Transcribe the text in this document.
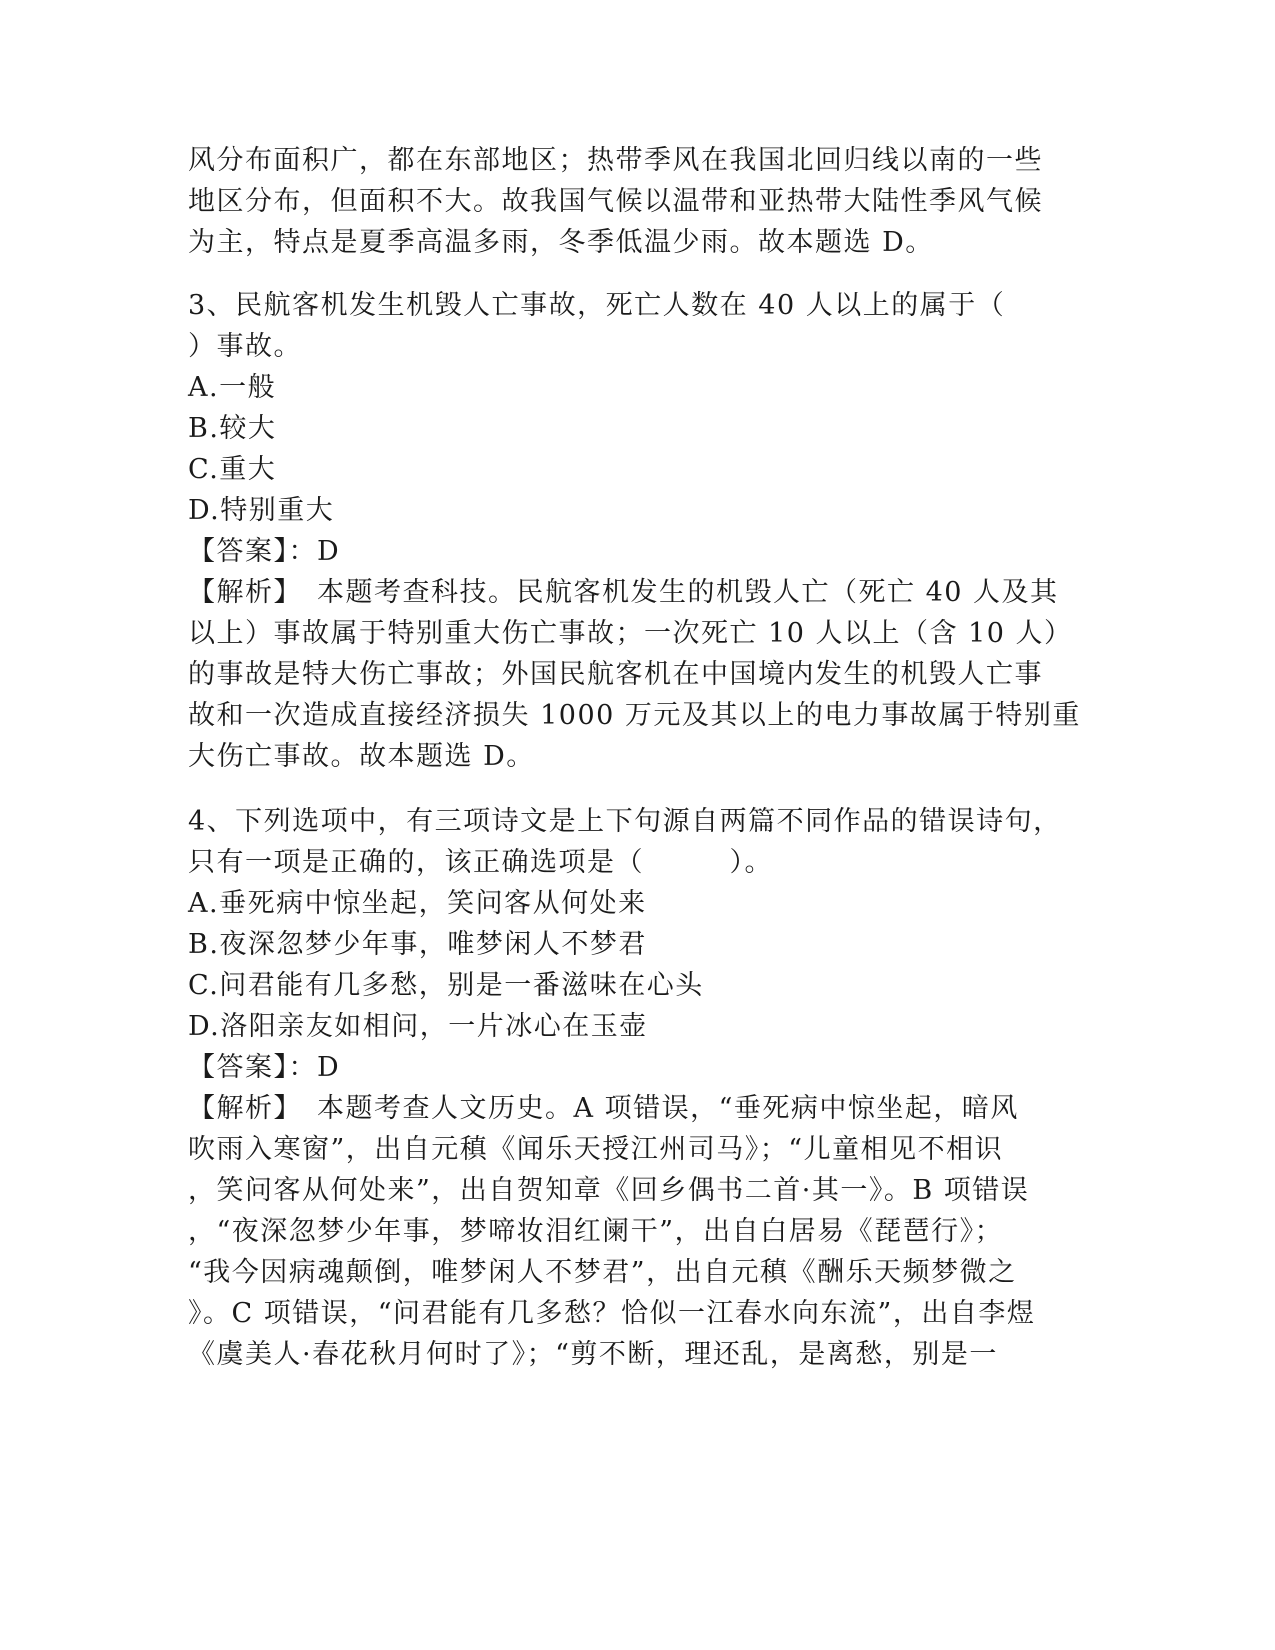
风分布面积广，都在东部地区；热带季风在我国北回归线以南的一些
地区分布，但面积不大。故我国气候以温带和亚热带大陆性季风气候
为主，特点是夏季高温多雨，冬季低温少雨。故本题选 D。
3、民航客机发生机毁人亡事故，死亡人数在 40 人以上的属于（
）事故。
A.一般
B.较大
C.重大
D.特别重大
【答案】：D
【解析】　本题考查科技。民航客机发生的机毁人亡（死亡 40 人及其
以上）事故属于特别重大伤亡事故；一次死亡 10 人以上（含 10 人）
的事故是特大伤亡事故；外国民航客机在中国境内发生的机毁人亡事
故和一次造成直接经济损失 1000 万元及其以上的电力事故属于特别重
大伤亡事故。故本题选 D。
4、下列选项中，有三项诗文是上下句源自两篇不同作品的错误诗句，
只有一项是正确的，该正确选项是（　　　）。
A.垂死病中惊坐起，笑问客从何处来
B.夜深忽梦少年事，唯梦闲人不梦君
C.问君能有几多愁，别是一番滋味在心头
D.洛阳亲友如相问，一片冰心在玉壶
【答案】：D
【解析】　本题考查人文历史。A 项错误，“垂死病中惊坐起，暗风
吹雨入寒窗”，出自元稹《闻乐天授江州司马》；“儿童相见不相识
，笑问客从何处来”，出自贺知章《回乡偶书二首·其一》。B 项错误
，“夜深忽梦少年事，梦啼妆泪红阑干”，出自白居易《琵琶行》；
“我今因病魂颠倒，唯梦闲人不梦君”，出自元稹《酬乐天频梦微之
》。C 项错误，“问君能有几多愁？恰似一江春水向东流”，出自李煜
《虞美人·春花秋月何时了》；“剪不断，理还乱，是离愁，别是一
